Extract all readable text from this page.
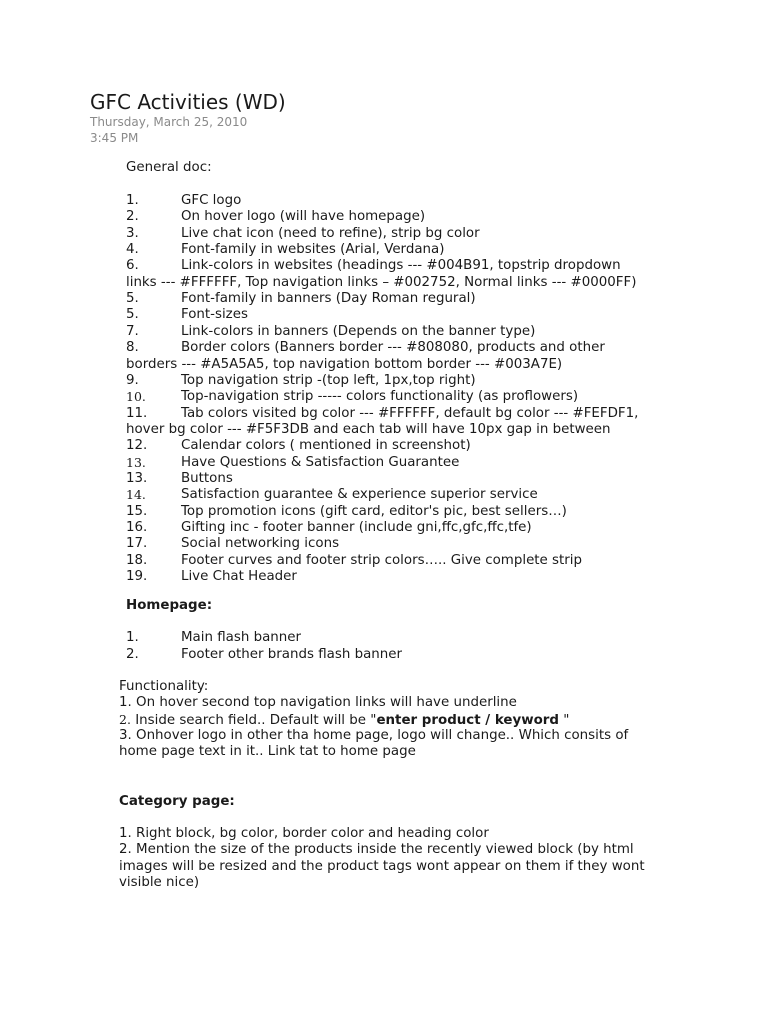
GFC Activities (WD)
Thursday, March 25, 2010
3:45 PM
General doc:
1.	GFC logo
2.	On hover logo (will have homepage)
3.	Live chat icon (need to refine), strip bg color
4.	Font-family in websites (Arial, Verdana)
6.	Link-colors in websites (headings --- #004B91, topstrip dropdown
links --- #FFFFFF, Top navigation links – #002752, Normal links --- #0000FF)
5.	Font-family in banners (Day Roman regural)
5.	Font-sizes
7.	Link-colors in banners (Depends on the banner type)
8.	Border colors (Banners border --- #808080, products and other
borders --- #A5A5A5, top navigation bottom border --- #003A7E)
9.	Top navigation strip -(top left, 1px,top right)
10.	Top-navigation strip ----- colors functionality (as proflowers)
11.	Tab colors visited bg color --- #FFFFFF, default bg color --- #FEFDF1,
hover bg color --- #F5F3DB and each tab will have 10px gap in between
12.	Calendar colors ( mentioned in screenshot)
13.	Have Questions & Satisfaction Guarantee
13.	Buttons
14.	Satisfaction guarantee & experience superior service
15.	Top promotion icons (gift card, editor's pic, best sellers…)
16.	Gifting inc - footer banner (include gni,ffc,gfc,ffc,tfe)
17.	Social networking icons
18.	Footer curves and footer strip colors….. Give complete strip
19.	Live Chat Header
Homepage:
1.	Main flash banner
2.	Footer other brands flash banner
Functionality:
1. On hover second top navigation links will have underline
2. Inside search field.. Default will be "enter product / keyword "
3. Onhover logo in other tha home page, logo will change.. Which consits of
home page text in it.. Link tat to home page
Category page:
1. Right block, bg color, border color and heading color
2. Mention the size of the products inside the recently viewed block (by html
images will be resized and the product tags wont appear on them if they wont
visible nice)
